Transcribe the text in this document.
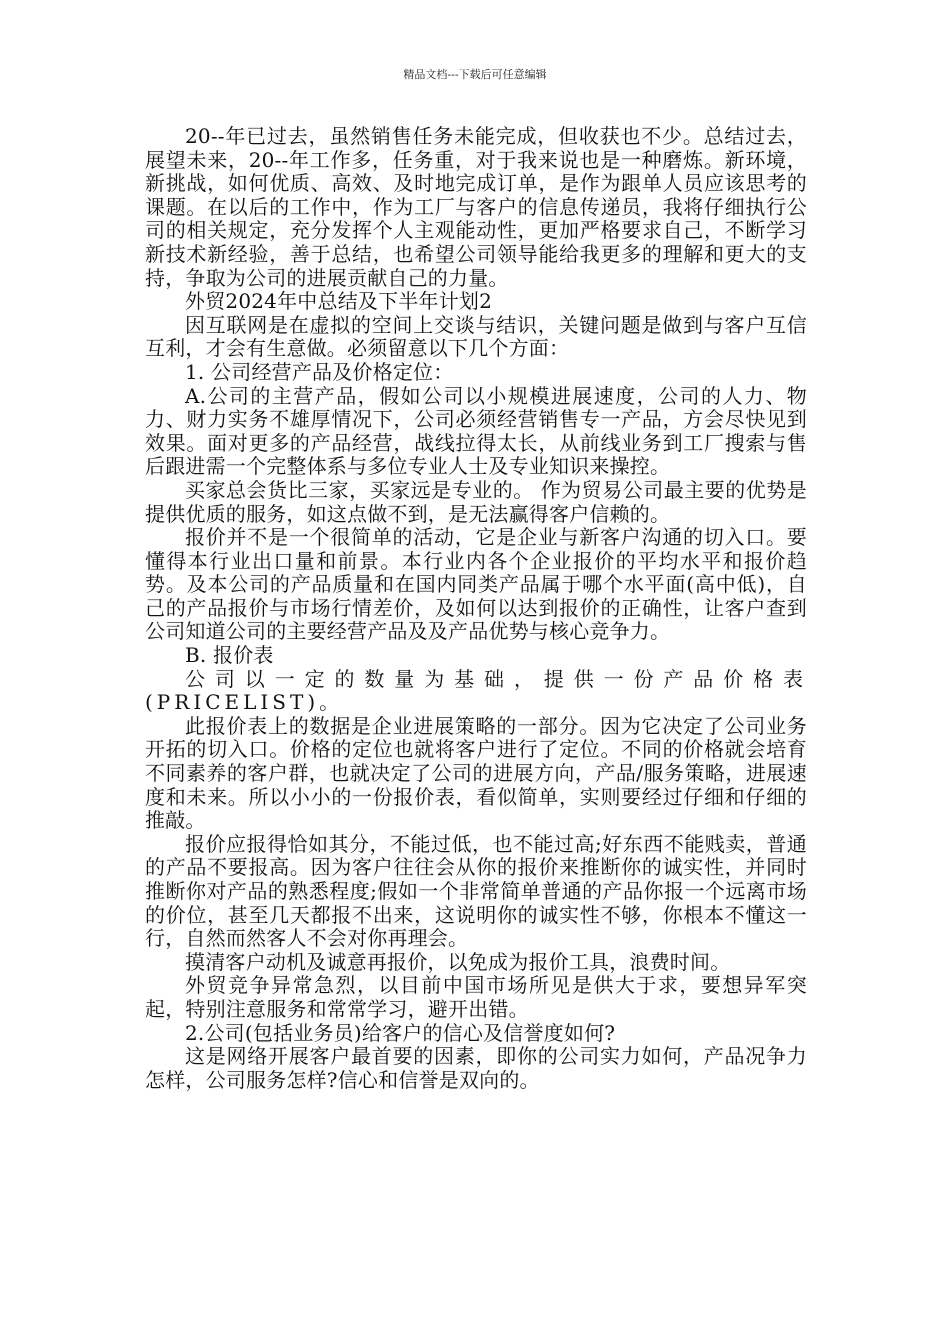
精品文档---下载后可任意编辑

20--年已过去，虽然销售任务未能完成，但收获也不少。总结过去，展望未来，20--年工作多，任务重，对于我来说也是一种磨炼。新环境，新挑战，如何优质、高效、及时地完成订单，是作为跟单人员应该思考的课题。在以后的工作中，作为工厂与客户的信息传递员，我将仔细执行公司的相关规定，充分发挥个人主观能动性，更加严格要求自己，不断学习新技术新经验，善于总结，也希望公司领导能给我更多的理解和更大的支持，争取为公司的进展贡献自己的力量。

外贸2024年中总结及下半年计划2

因互联网是在虚拟的空间上交谈与结识，关键问题是做到与客户互信互利，才会有生意做。必须留意以下几个方面：

1. 公司经营产品及价格定位：

A.公司的主营产品，假如公司以小规模进展速度，公司的人力、物力、财力实务不雄厚情况下，公司必须经营销售专一产品，方会尽快见到效果。面对更多的产品经营，战线拉得太长，从前线业务到工厂搜索与售后跟进需一个完整体系与多位专业人士及专业知识来操控。

买家总会货比三家，买家远是专业的。 作为贸易公司最主要的优势是提供优质的服务，如这点做不到，是无法赢得客户信赖的。

报价并不是一个很简单的活动，它是企业与新客户沟通的切入口。要懂得本行业出口量和前景。本行业内各个企业报价的平均水平和报价趋势。及本公司的产品质量和在国内同类产品属于哪个水平面(高中低)，自己的产品报价与市场行情差价，及如何以达到报价的正确性，让客户查到公司知道公司的主要经营产品及及产品优势与核心竞争力。

B. 报价表

公司以一定的数量为基础，提供一份产品价格表(PRICELIST)。

此报价表上的数据是企业进展策略的一部分。因为它决定了公司业务开拓的切入口。价格的定位也就将客户进行了定位。不同的价格就会培育不同素养的客户群，也就决定了公司的进展方向，产品/服务策略，进展速度和未来。所以小小的一份报价表，看似简单，实则要经过仔细和仔细的推敲。

报价应报得恰如其分，不能过低，也不能过高;好东西不能贱卖，普通的产品不要报高。因为客户往往会从你的报价来推断你的诚实性，并同时推断你对产品的熟悉程度;假如一个非常简单普通的产品你报一个远离市场的价位，甚至几天都报不出来，这说明你的诚实性不够，你根本不懂这一行，自然而然客人不会对你再理会。

摸清客户动机及诚意再报价，以免成为报价工具，浪费时间。

外贸竞争异常急烈，以目前中国市场所见是供大于求，要想异军突起，特别注意服务和常常学习，避开出错。

2.公司(包括业务员)给客户的信心及信誉度如何?

这是网络开展客户最首要的因素，即你的公司实力如何，产品况争力怎样，公司服务怎样?信心和信誉是双向的。
